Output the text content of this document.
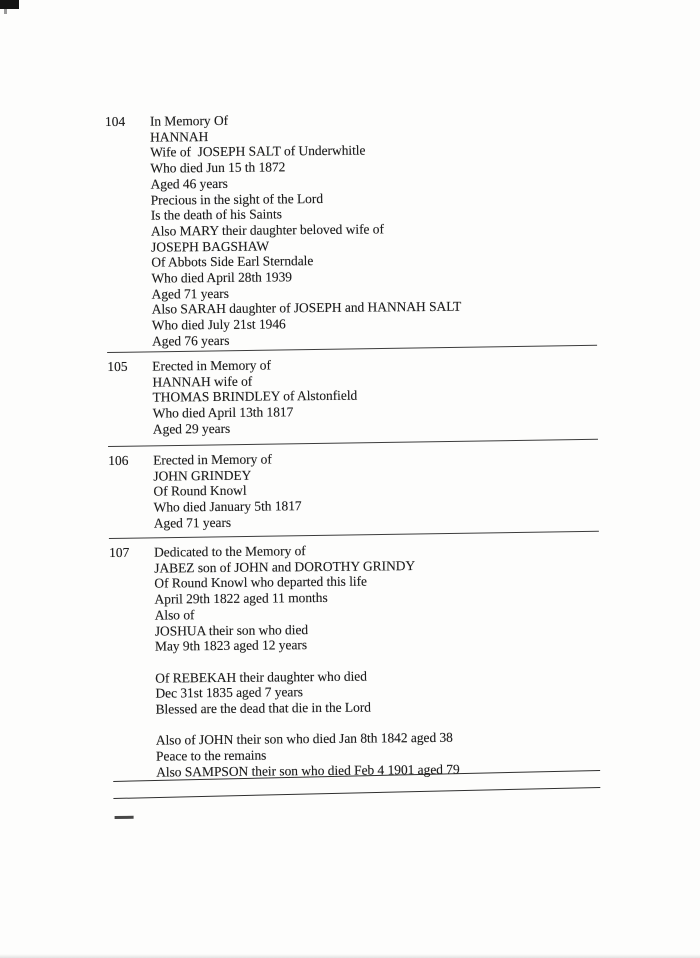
104	In Memory Of
HANNAH
Wife of  JOSEPH SALT of Underwhitle
Who died Jun 15 th 1872
Aged 46 years
Precious in the sight of the Lord
Is the death of his Saints
Also MARY their daughter beloved wife of
JOSEPH BAGSHAW
Of Abbots Side Earl Sterndale
Who died April 28th 1939
Aged 71 years
Also SARAH daughter of JOSEPH and HANNAH SALT
Who died July 21st 1946
Aged 76 years
105	Erected in Memory of
HANNAH wife of
THOMAS BRINDLEY of Alstonfield
Who died April 13th 1817
Aged 29 years
106	Erected in Memory of
JOHN GRINDEY
Of Round Knowl
Who died January 5th 1817
Aged 71 years
107	Dedicated to the Memory of
JABEZ son of JOHN and DOROTHY GRINDY
Of Round Knowl who departed this life
April 29th 1822 aged 11 months
Also of
JOSHUA their son who died
May 9th 1823 aged 12 years
Of REBEKAH their daughter who died
Dec 31st 1835 aged 7 years
Blessed are the dead that die in the Lord
Also of JOHN their son who died Jan 8th 1842 aged 38
Peace to the remains
Also SAMPSON their son who died Feb 4 1901 aged 79
